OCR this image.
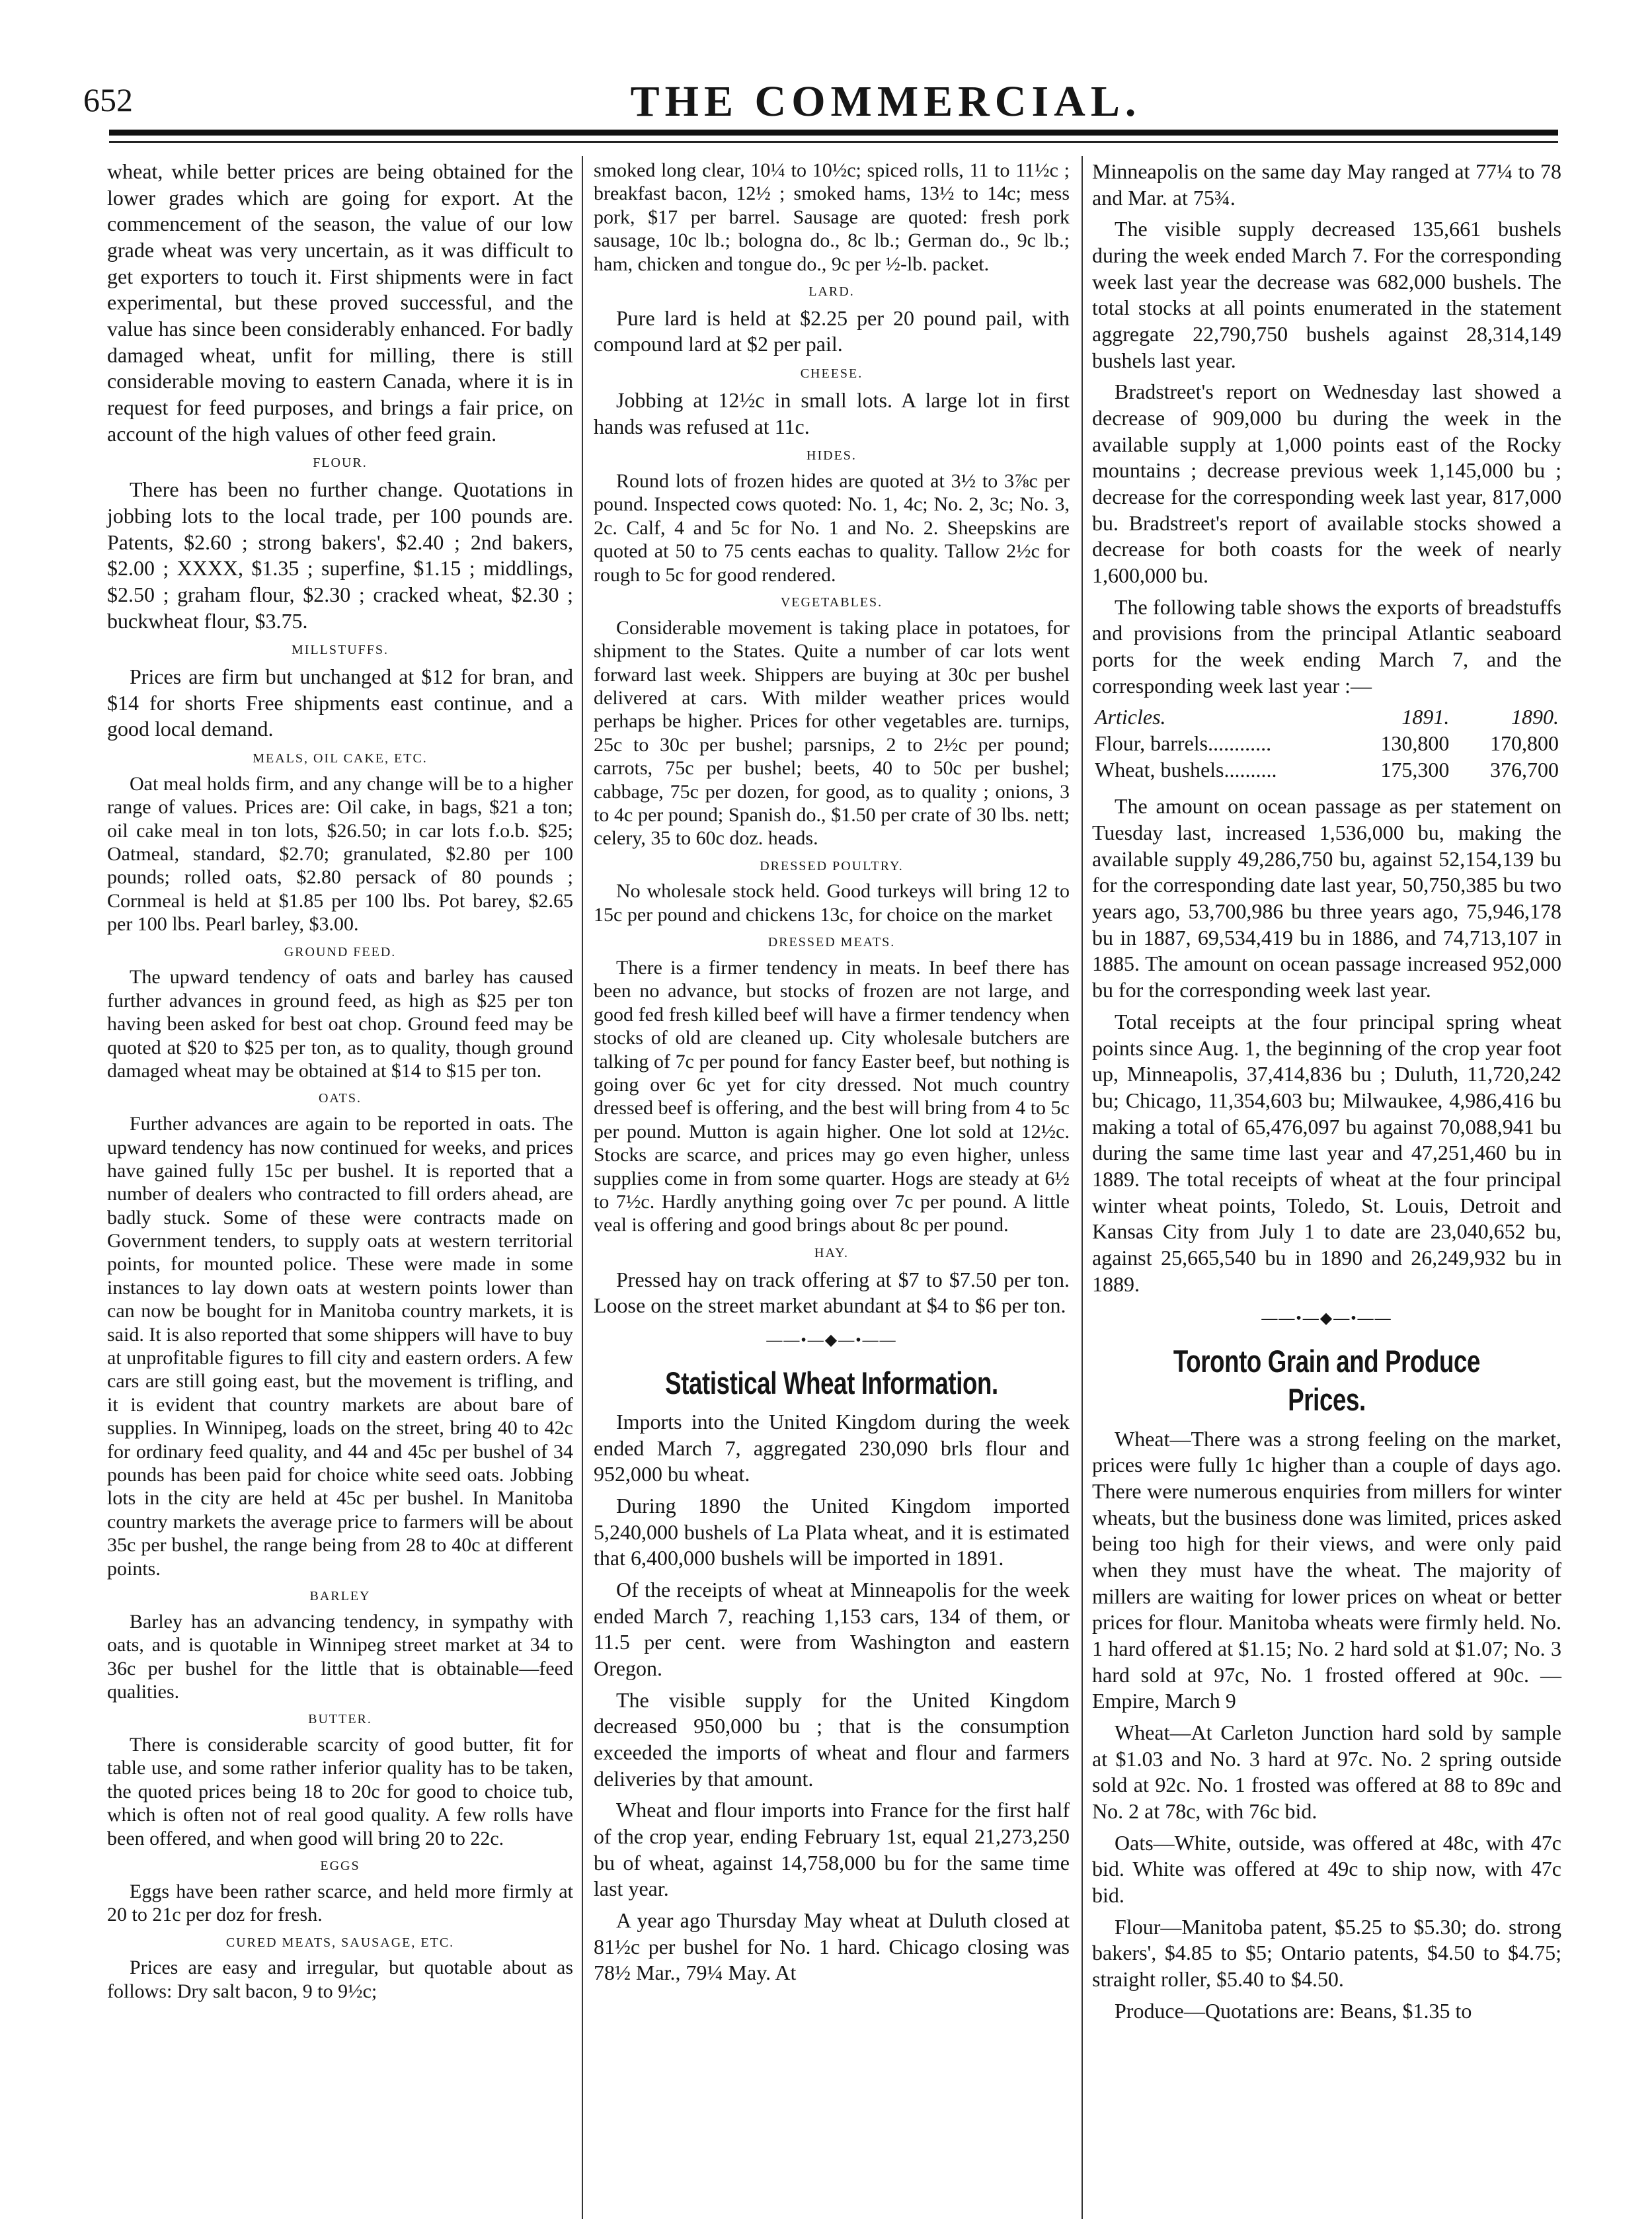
652	THE COMMERCIAL.

wheat, while better prices are being obtained for the lower grades which are going for export. At the commencement of the season, the value of our low grade wheat was very uncertain, as it was difficult to get exporters to touch it. First shipments were in fact experimental, but these proved successful, and the value has since been considerably enhanced. For badly damaged wheat, unfit for milling, there is still considerable moving to eastern Canada, where it is in request for feed purposes, and brings a fair price, on account of the high values of other feed grain.

FLOUR.

There has been no further change. Quotations in jobbing lots to the local trade, per 100 pounds are. Patents, $2.60 ; strong bakers', $2.40 ; 2nd bakers, $2.00 ; XXXX, $1.35 ; superfine, $1.15 ; middlings, $2.50 ; graham flour, $2.30 ; cracked wheat, $2.30 ; buckwheat flour, $3.75.

MILLSTUFFS.

Prices are firm but unchanged at $12 for bran, and $14 for shorts Free shipments east continue, and a good local demand.

MEALS, OIL CAKE, ETC.

Oat meal holds firm, and any change will be to a higher range of values. Prices are: Oil cake, in bags, $21 a ton; oil cake meal in ton lots, $26.50; in car lots f.o.b. $25; Oatmeal, standard, $2.70; granulated, $2.80 per 100 pounds; rolled oats, $2.80 persack of 80 pounds ; Cornmeal is held at $1.85 per 100 lbs. Pot barey, $2.65 per 100 lbs. Pearl barley, $3.00.

GROUND FEED.

The upward tendency of oats and barley has caused further advances in ground feed, as high as $25 per ton having been asked for best oat chop. Ground feed may be quoted at $20 to $25 per ton, as to quality, though ground damaged wheat may be obtained at $14 to $15 per ton.

OATS.

Further advances are again to be reported in oats. The upward tendency has now continued for weeks, and prices have gained fully 15c per bushel. It is reported that a number of dealers who contracted to fill orders ahead, are badly stuck. Some of these were contracts made on Government tenders, to supply oats at western territorial points, for mounted police. These were made in some instances to lay down oats at western points lower than can now be bought for in Manitoba country markets, it is said. It is also reported that some shippers will have to buy at unprofitable figures to fill city and eastern orders. A few cars are still going east, but the movement is trifling, and it is evident that country markets are about bare of supplies. In Winnipeg, loads on the street, bring 40 to 42c for ordinary feed quality, and 44 and 45c per bushel of 34 pounds has been paid for choice white seed oats. Jobbing lots in the city are held at 45c per bushel. In Manitoba country markets the average price to farmers will be about 35c per bushel, the range being from 28 to 40c at different points.

BARLEY

Barley has an advancing tendency, in sympathy with oats, and is quotable in Winnipeg street market at 34 to 36c per bushel for the little that is obtainable—feed qualities.

BUTTER.

There is considerable scarcity of good butter, fit for table use, and some rather inferior quality has to be taken, the quoted prices being 18 to 20c for good to choice tub, which is often not of real good quality. A few rolls have been offered, and when good will bring 20 to 22c.

EGGS

Eggs have been rather scarce, and held more firmly at 20 to 21c per doz for fresh.

CURED MEATS, SAUSAGE, ETC.

Prices are easy and irregular, but quotable about as follows: Dry salt bacon, 9 to 9½c;

smoked long clear, 10¼ to 10½c; spiced rolls, 11 to 11½c ; breakfast bacon, 12½ ; smoked hams, 13½ to 14c; mess pork, $17 per barrel. Sausage are quoted: fresh pork sausage, 10c lb.; bologna do., 8c lb.; German do., 9c lb.; ham, chicken and tongue do., 9c per ½-lb. packet.

LARD.

Pure lard is held at $2.25 per 20 pound pail, with compound lard at $2 per pail.

CHEESE.

Jobbing at 12½c in small lots. A large lot in first hands was refused at 11c.

HIDES.

Round lots of frozen hides are quoted at 3½ to 3⅞c per pound. Inspected cows quoted: No. 1, 4c; No. 2, 3c; No. 3, 2c. Calf, 4 and 5c for No. 1 and No. 2. Sheepskins are quoted at 50 to 75 cents eachas to quality. Tallow 2½c for rough to 5c for good rendered.

VEGETABLES.

Considerable movement is taking place in potatoes, for shipment to the States. Quite a number of car lots went forward last week. Shippers are buying at 30c per bushel delivered at cars. With milder weather prices would perhaps be higher. Prices for other vegetables are. turnips, 25c to 30c per bushel; parsnips, 2 to 2½c per pound; carrots, 75c per bushel; beets, 40 to 50c per bushel; cabbage, 75c per dozen, for good, as to quality ; onions, 3 to 4c per pound; Spanish do., $1.50 per crate of 30 lbs. nett; celery, 35 to 60c doz. heads.

DRESSED POULTRY.

No wholesale stock held. Good turkeys will bring 12 to 15c per pound and chickens 13c, for choice on the market

DRESSED MEATS.

There is a firmer tendency in meats. In beef there has been no advance, but stocks of frozen are not large, and good fed fresh killed beef will have a firmer tendency when stocks of old are cleaned up. City wholesale butchers are talking of 7c per pound for fancy Easter beef, but nothing is going over 6c yet for city dressed. Not much country dressed beef is offering, and the best will bring from 4 to 5c per pound. Mutton is again higher. One lot sold at 12½c. Stocks are scarce, and prices may go even higher, unless supplies come in from some quarter. Hogs are steady at 6½ to 7½c. Hardly anything going over 7c per pound. A little veal is offering and good brings about 8c per pound.

HAY.

Pressed hay on track offering at $7 to $7.50 per ton. Loose on the street market abundant at $4 to $6 per ton.

——•—◆—•——
Statistical Wheat Information.

Imports into the United Kingdom during the week ended March 7, aggregated 230,090 brls flour and 952,000 bu wheat.

During 1890 the United Kingdom imported 5,240,000 bushels of La Plata wheat, and it is estimated that 6,400,000 bushels will be imported in 1891.

Of the receipts of wheat at Minneapolis for the week ended March 7, reaching 1,153 cars, 134 of them, or 11.5 per cent. were from Washington and eastern Oregon.

The visible supply for the United Kingdom decreased 950,000 bu ; that is the consumption exceeded the imports of wheat and flour and farmers deliveries by that amount.

Wheat and flour imports into France for the first half of the crop year, ending February 1st, equal 21,273,250 bu of wheat, against 14,758,000 bu for the same time last year.

A year ago Thursday May wheat at Duluth closed at 81½c per bushel for No. 1 hard. Chicago closing was 78½ Mar., 79¼ May. At

Minneapolis on the same day May ranged at 77¼ to 78 and Mar. at 75¾.

The visible supply decreased 135,661 bushels during the week ended March 7. For the corresponding week last year the decrease was 682,000 bushels. The total stocks at all points enumerated in the statement aggregate 22,790,750 bushels against 28,314,149 bushels last year.

Bradstreet's report on Wednesday last showed a decrease of 909,000 bu during the week in the available supply at 1,000 points east of the Rocky mountains ; decrease previous week 1,145,000 bu ; decrease for the corresponding week last year, 817,000 bu. Bradstreet's report of available stocks showed a decrease for both coasts for the week of nearly 1,600,000 bu.

The following table shows the exports of breadstuffs and provisions from the principal Atlantic seaboard ports for the week ending March 7, and the corresponding week last year :—

Articles.	1891.	1890.
Flour, barrels............	130,800	170,800
Wheat, bushels..........	175,300	376,700

The amount on ocean passage as per statement on Tuesday last, increased 1,536,000 bu, making the available supply 49,286,750 bu, against 52,154,139 bu for the corresponding date last year, 50,750,385 bu two years ago, 53,700,986 bu three years ago, 75,946,178 bu in 1887, 69,534,419 bu in 1886, and 74,713,107 in 1885. The amount on ocean passage increased 952,000 bu for the corresponding week last year.

Total receipts at the four principal spring wheat points since Aug. 1, the beginning of the crop year foot up, Minneapolis, 37,414,836 bu ; Duluth, 11,720,242 bu; Chicago, 11,354,603 bu; Milwaukee, 4,986,416 bu making a total of 65,476,097 bu against 70,088,941 bu during the same time last year and 47,251,460 bu in 1889. The total receipts of wheat at the four principal winter wheat points, Toledo, St. Louis, Detroit and Kansas City from July 1 to date are 23,040,652 bu, against 25,665,540 bu in 1890 and 26,249,932 bu in 1889.

——•—◆—•——
Toronto Grain and Produce Prices.

Wheat—There was a strong feeling on the market, prices were fully 1c higher than a couple of days ago. There were numerous enquiries from millers for winter wheats, but the business done was limited, prices asked being too high for their views, and were only paid when they must have the wheat. The majority of millers are waiting for lower prices on wheat or better prices for flour. Manitoba wheats were firmly held. No. 1 hard offered at $1.15; No. 2 hard sold at $1.07; No. 3 hard sold at 97c, No. 1 frosted offered at 90c. —Empire, March 9

Wheat—At Carleton Junction hard sold by sample at $1.03 and No. 3 hard at 97c. No. 2 spring outside sold at 92c. No. 1 frosted was offered at 88 to 89c and No. 2 at 78c, with 76c bid.

Oats—White, outside, was offered at 48c, with 47c bid. White was offered at 49c to ship now, with 47c bid.

Flour—Manitoba patent, $5.25 to $5.30; do. strong bakers', $4.85 to $5; Ontario patents, $4.50 to $4.75; straight roller, $5.40 to $4.50.

Produce—Quotations are: Beans, $1.35 to
